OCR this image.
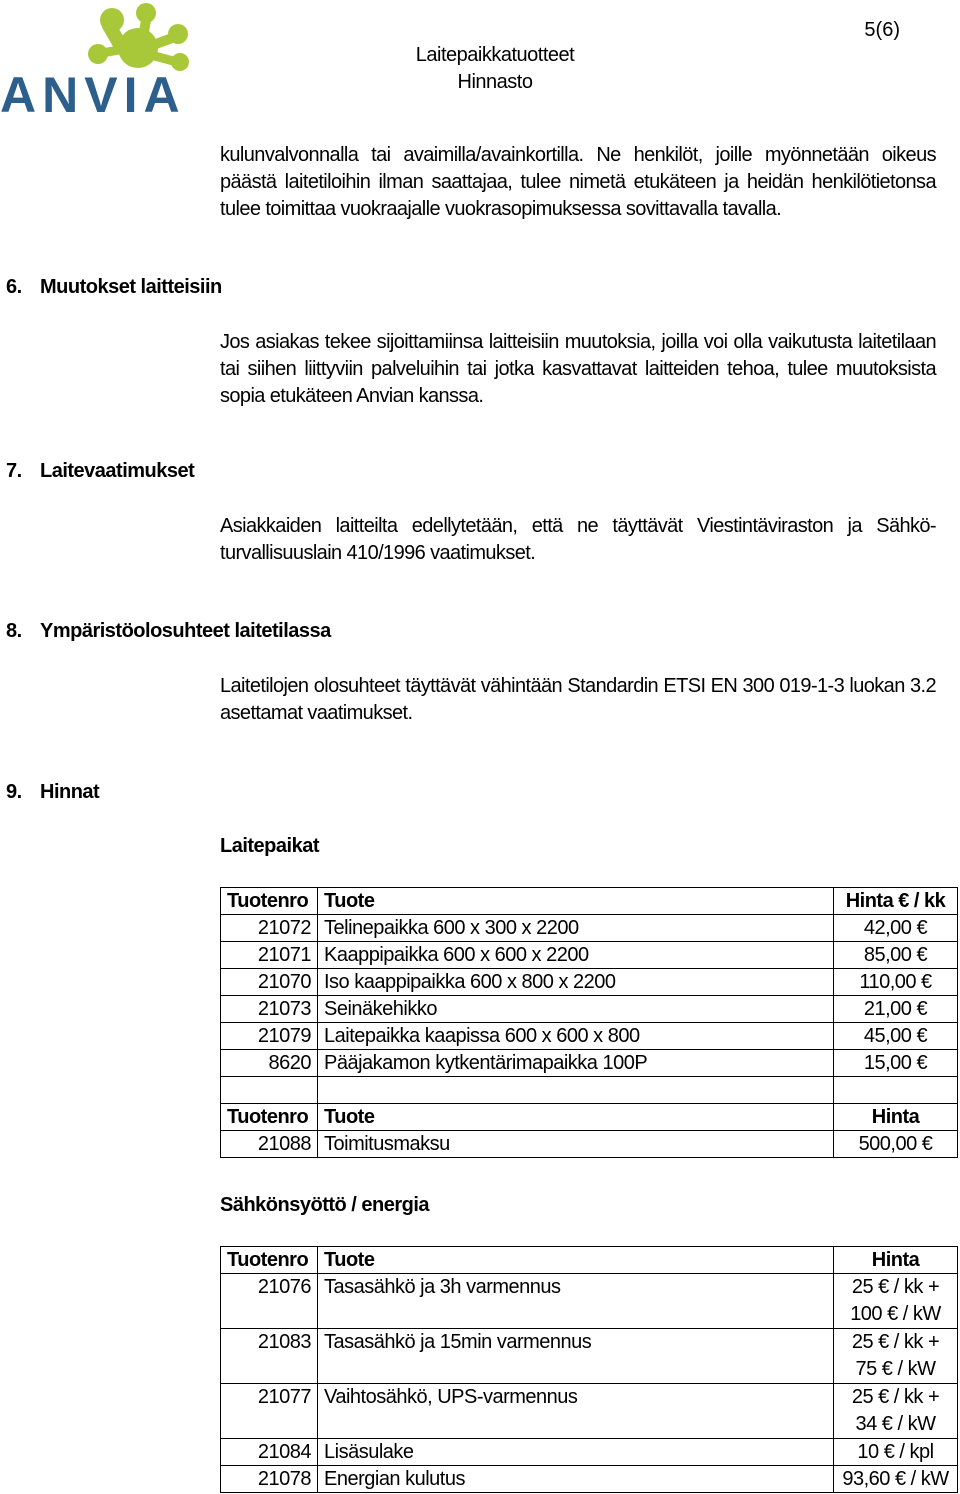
ANVIA
Laitepaikkatuotteet
Hinnasto
5(6)
kulunvalvonnalla tai avaimilla/avainkortilla. Ne henkilöt, joille myönnetään oikeus päästä laitetiloihin ilman saattajaa, tulee nimetä etukäteen ja heidän henkilötietonsa tulee toimittaa vuokraajalle vuokrasopimuksessa sovittavalla tavalla.
6. Muutokset laitteisiin
Jos asiakas tekee sijoittamiinsa laitteisiin muutoksia, joilla voi olla vaikutusta laitetilaan tai siihen liittyviin palveluihin tai jotka kasvattavat laitteiden tehoa, tulee muutoksista sopia etukäteen Anvian kanssa.
7. Laitevaatimukset
Asiakkaiden laitteilta edellytetään, että ne täyttävät Viestintäviraston ja Sähkö-turvallisuuslain 410/1996 vaatimukset.
8. Ympäristöolosuhteet laitetilassa
Laitetilojen olosuhteet täyttävät vähintään Standardin ETSI EN 300 019-1-3 luokan 3.2 asettamat vaatimukset.
9. Hinnat
Laitepaikat
Tuotenro	Tuote	Hinta € / kk
21072	Telinepaikka 600 x 300 x 2200	42,00 €
21071	Kaappipaikka 600 x 600 x 2200	85,00 €
21070	Iso kaappipaikka 600 x 800 x 2200	110,00 €
21073	Seinäkehikko	21,00 €
21079	Laitepaikka kaapissa 600 x 600 x 800	45,00 €
8620	Pääjakamon kytkentärimapaikka 100P	15,00 €

Tuotenro	Tuote	Hinta
21088	Toimitusmaksu	500,00 €
Sähkönsyöttö / energia
Tuotenro	Tuote	Hinta
21076	Tasasähkö ja 3h varmennus	25 € / kk +
100 € / kW
21083	Tasasähkö ja 15min varmennus	25 € / kk +
75 € / kW
21077	Vaihtosähkö, UPS-varmennus	25 € / kk +
34 € / kW
21084	Lisäsulake	10 € / kpl
21078	Energian kulutus	93,60 € / kW
